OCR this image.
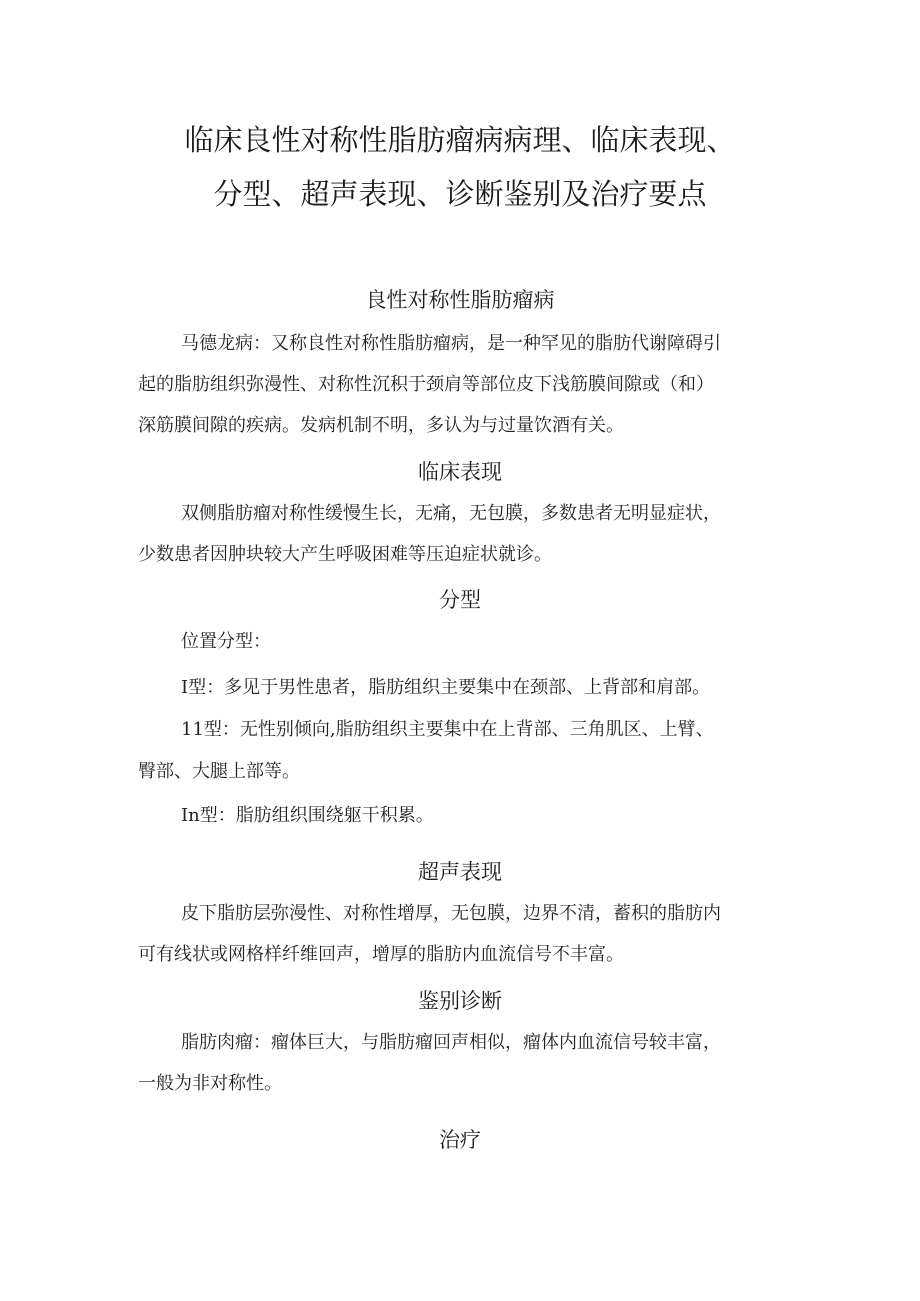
临床良性对称性脂肪瘤病病理、临床表现、
分型、超声表现、诊断鉴别及治疗要点
良性对称性脂肪瘤病

马德龙病：又称良性对称性脂肪瘤病，是一种罕见的脂肪代谢障碍引

起的脂肪组织弥漫性、对称性沉积于颈肩等部位皮下浅筋膜间隙或（和）

深筋膜间隙的疾病。发病机制不明，多认为与过量饮酒有关。

临床表现

双侧脂肪瘤对称性缓慢生长，无痛，无包膜，多数患者无明显症状，

少数患者因肿块较大产生呼吸困难等压迫症状就诊。

分型

位置分型：

I型：多见于男性患者，脂肪组织主要集中在颈部、上背部和肩部。

11型：无性别倾向,脂肪组织主要集中在上背部、三角肌区、上臂、

臀部、大腿上部等。

In型：脂肪组织围绕躯干积累。

超声表现

皮下脂肪层弥漫性、对称性增厚，无包膜，边界不清，蓄积的脂肪内

可有线状或网格样纤维回声，增厚的脂肪内血流信号不丰富。

鉴别诊断

脂肪肉瘤：瘤体巨大，与脂肪瘤回声相似，瘤体内血流信号较丰富，

一般为非对称性。

治疗
